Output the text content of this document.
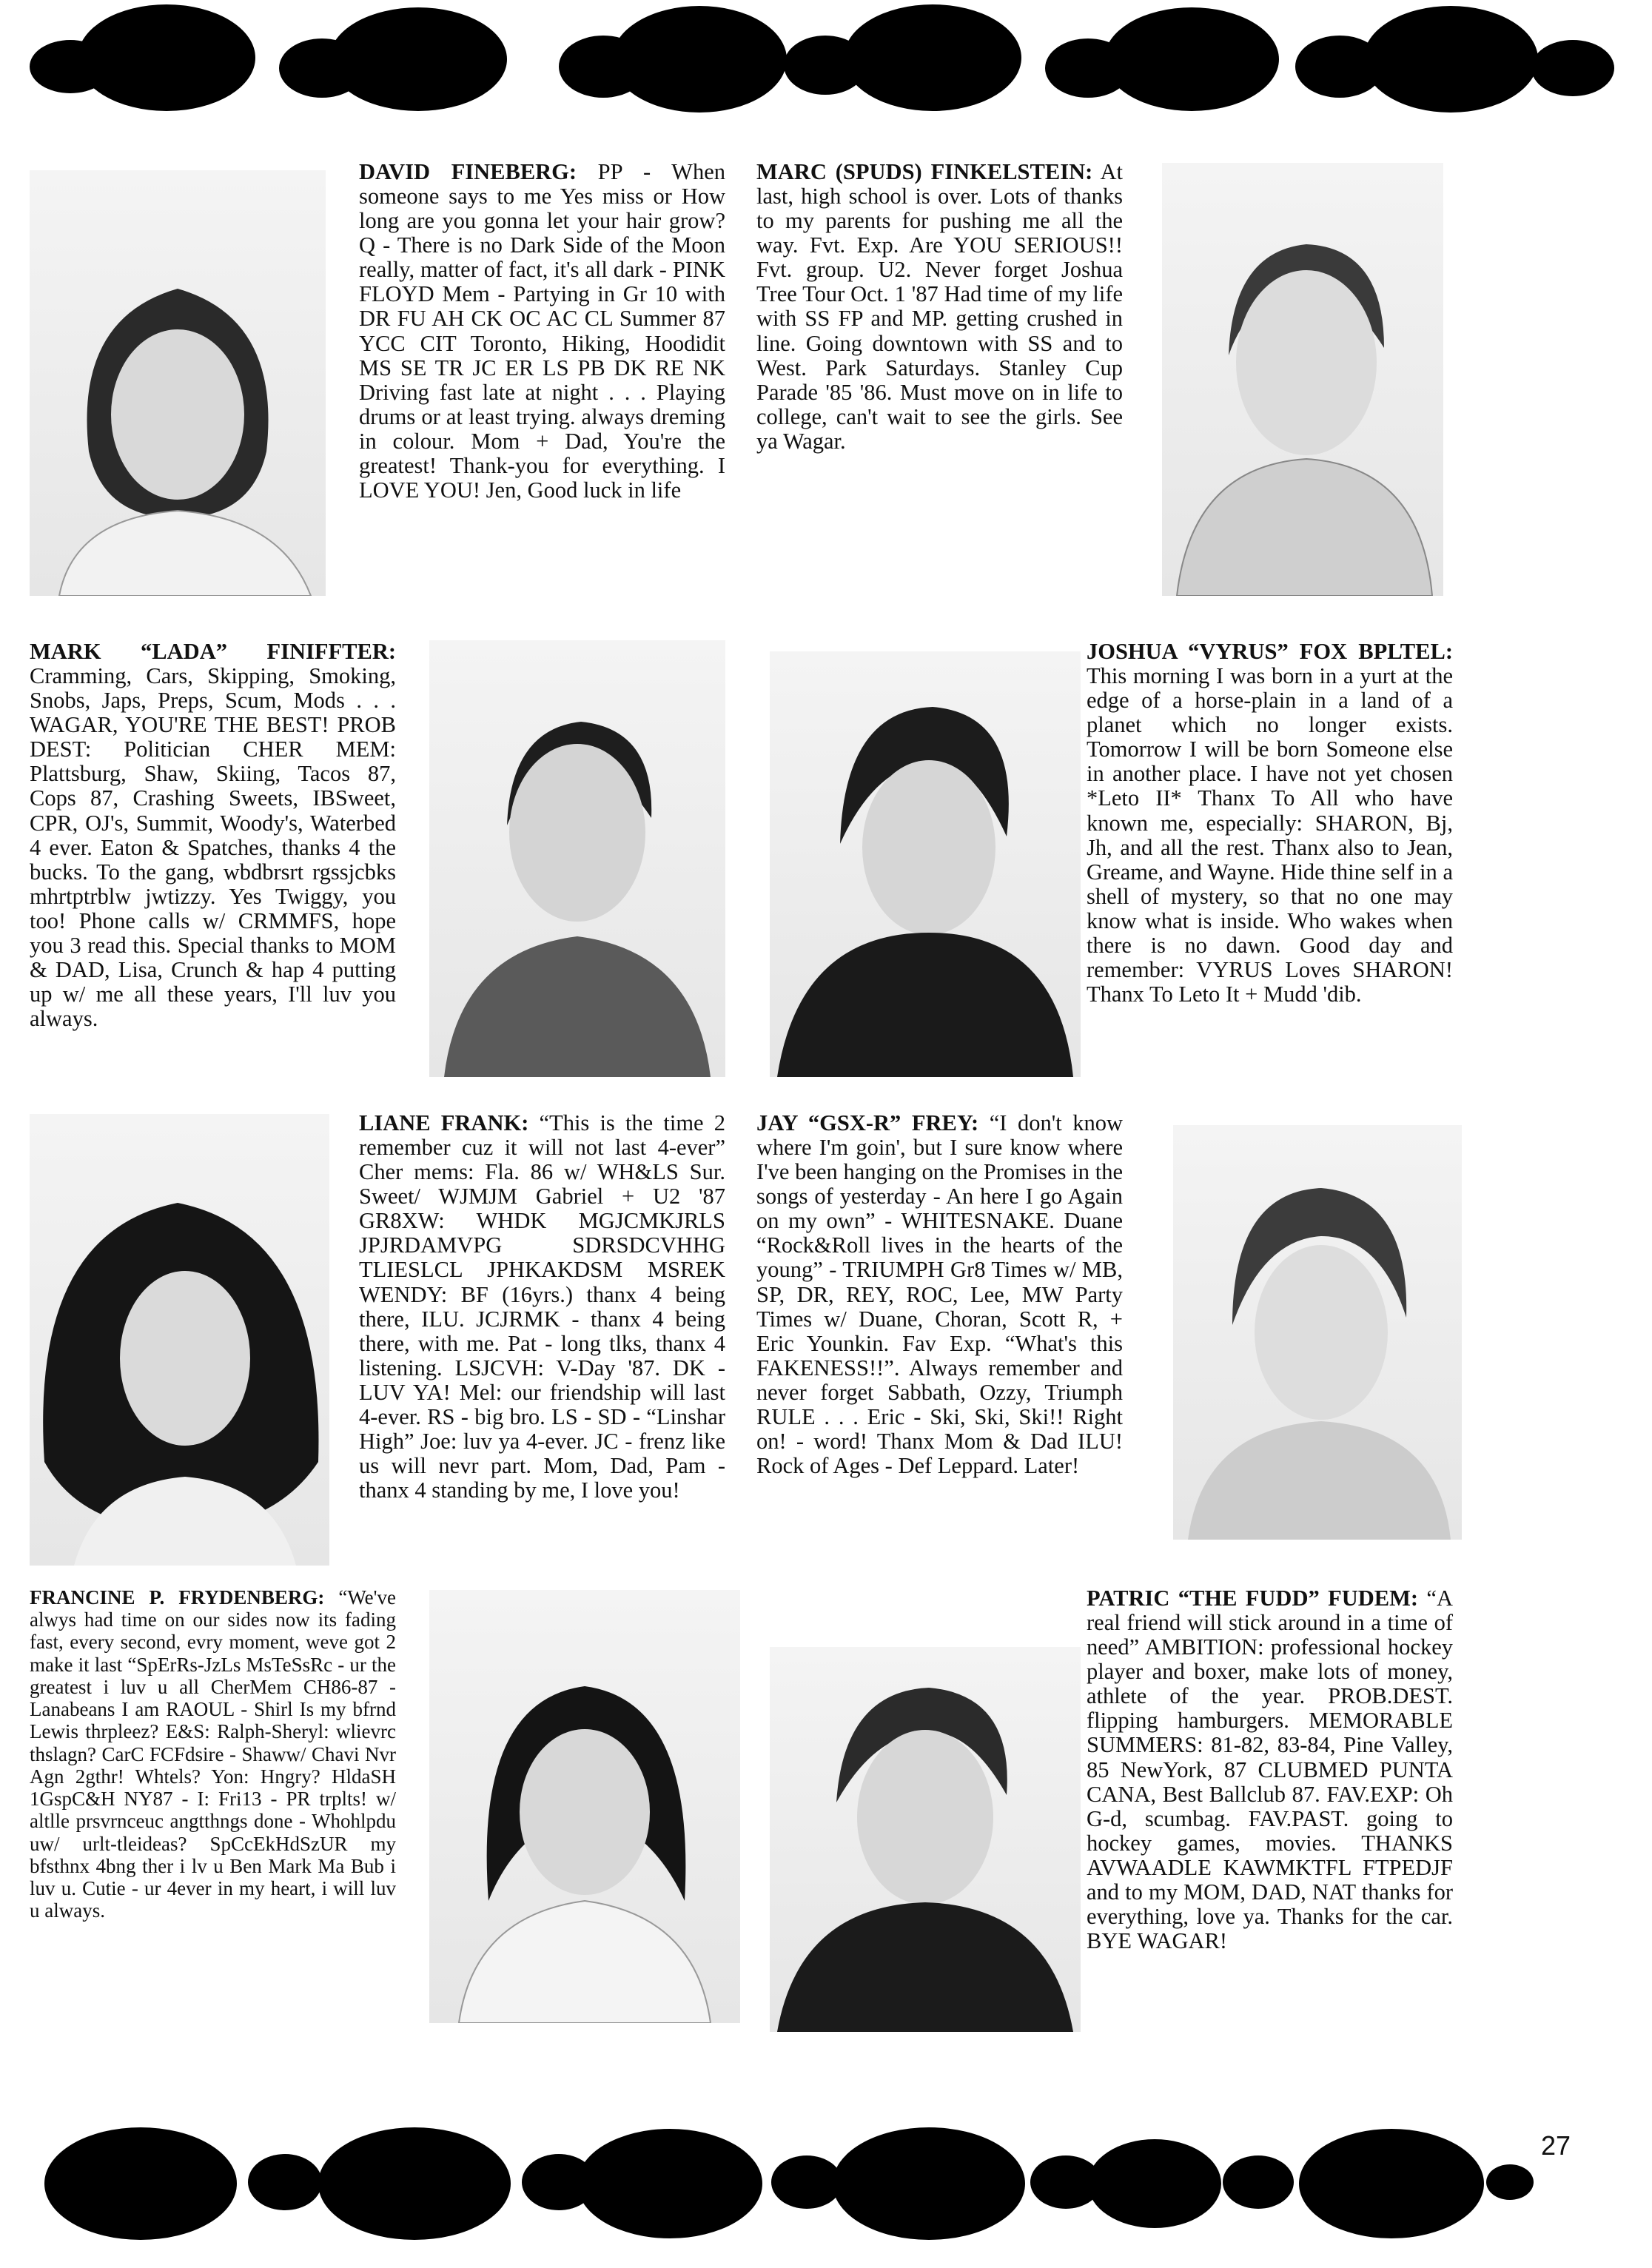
DAVID FINEBERG: PP - When someone says to me Yes miss or How long are you gonna let your hair grow? Q - There is no Dark Side of the Moon really, matter of fact, it's all dark - PINK FLOYD Mem - Partying in Gr 10 with DR FU AH CK OC AC CL Summer 87 YCC CIT Toronto, Hiking, Hoodidit MS SE TR JC ER LS PB DK RE NK Driving fast late at night . . . Playing drums or at least trying. always dreming in colour. Mom + Dad, You're the greatest! Thank-you for everything. I LOVE YOU! Jen, Good luck in life

MARC (SPUDS) FINKELSTEIN: At last, high school is over. Lots of thanks to my parents for pushing me all the way. Fvt. Exp. Are YOU SERIOUS!! Fvt. group. U2. Never forget Joshua Tree Tour Oct. 1 '87 Had time of my life with SS FP and MP. getting crushed in line. Going downtown with SS and to West. Park Saturdays. Stanley Cup Parade '85 '86. Must move on in life to college, can't wait to see the girls. See ya Wagar.

MARK “LADA” FINIFFTER: Cramming, Cars, Skipping, Smoking, Snobs, Japs, Preps, Scum, Mods . . . WAGAR, YOU'RE THE BEST! PROB DEST: Politician CHER MEM: Plattsburg, Shaw, Skiing, Tacos 87, Cops 87, Crashing Sweets, IBSweet, CPR, OJ's, Summit, Woody's, Waterbed 4 ever. Eaton & Spatches, thanks 4 the bucks. To the gang, wbdbrsrt rgssjcbks mhrtptrblw jwtizzy. Yes Twiggy, you too! Phone calls w/ CRMMFS, hope you 3 read this. Special thanks to MOM & DAD, Lisa, Crunch & hap 4 putting up w/ me all these years, I'll luv you always.

JOSHUA “VYRUS” FOX BPLTEL: This morning I was born in a yurt at the edge of a horse-plain in a land of a planet which no longer exists. Tomorrow I will be born Someone else in another place. I have not yet chosen *Leto II* Thanx To All who have known me, especially: SHARON, Bj, Jh, and all the rest. Thanx also to Jean, Greame, and Wayne. Hide thine self in a shell of mystery, so that no one may know what is inside. Who wakes when there is no dawn. Good day and remember: VYRUS Loves SHARON! Thanx To Leto It + Mudd 'dib.

LIANE FRANK: “This is the time 2 remember cuz it will not last 4-ever” Cher mems: Fla. 86 w/ WH&LS Sur. Sweet/ WJMJM Gabriel + U2 '87 GR8XW: WHDK MGJCMKJRLS JPJRDAMVPG SDRSDCVHHG TLIESLCL JPHKAKDSM MSREK WENDY: BF (16yrs.) thanx 4 being there, ILU. JCJRMK - thanx 4 being there, with me. Pat - long tlks, thanx 4 listening. LSJCVH: V-Day '87. DK - LUV YA! Mel: our friendship will last 4-ever. RS - big bro. LS - SD - “Linshar High” Joe: luv ya 4-ever. JC - frenz like us will nevr part. Mom, Dad, Pam - thanx 4 standing by me, I love you!

JAY “GSX-R” FREY: “I don't know where I'm goin', but I sure know where I've been hanging on the Promises in the songs of yesterday - An here I go Again on my own” - WHITESNAKE. Duane “Rock&Roll lives in the hearts of the young” - TRIUMPH Gr8 Times w/ MB, SP, DR, REY, ROC, Lee, MW Party Times w/ Duane, Choran, Scott R, + Eric Younkin. Fav Exp. “What's this FAKENESS!!”. Always remember and never forget Sabbath, Ozzy, Triumph RULE . . . Eric - Ski, Ski, Ski!! Right on! - word! Thanx Mom & Dad ILU! Rock of Ages - Def Leppard. Later!

FRANCINE P. FRYDENBERG: “We've alwys had time on our sides now its fading fast, every second, evry moment, weve got 2 make it last “SpErRs-JzLs MsTeSsRc - ur the greatest i luv u all CherMem CH86-87 - Lanabeans I am RAOUL - Shirl Is my bfrnd Lewis thrpleez? E&S: Ralph-Sheryl: wlievrc thslagn? CarC FCFdsire - Shaww/ Chavi Nvr Agn 2gthr! Whtels? Yon: Hngry? HldaSH 1GspC&H NY87 - I: Fri13 - PR trplts! w/ altlle prsvrnceuc angtthngs done - Whohlpdu uw/ urlt-tleideas? SpCcEkHdSzUR my bfsthnx 4bng ther i lv u Ben Mark Ma Bub i luv u. Cutie - ur 4ever in my heart, i will luv u always.

PATRIC “THE FUDD” FUDEM: “A real friend will stick around in a time of need” AMBITION: professional hockey player and boxer, make lots of money, athlete of the year. PROB.DEST. flipping hamburgers. MEMORABLE SUMMERS: 81-82, 83-84, Pine Valley, 85 NewYork, 87 CLUBMED PUNTA CANA, Best Ballclub 87. FAV.EXP: Oh G-d, scumbag. FAV.PAST. going to hockey games, movies. THANKS AVWAADLE KAWMKTFL FTPEDJF and to my MOM, DAD, NAT thanks for everything, love ya. Thanks for the car. BYE WAGAR!

27
